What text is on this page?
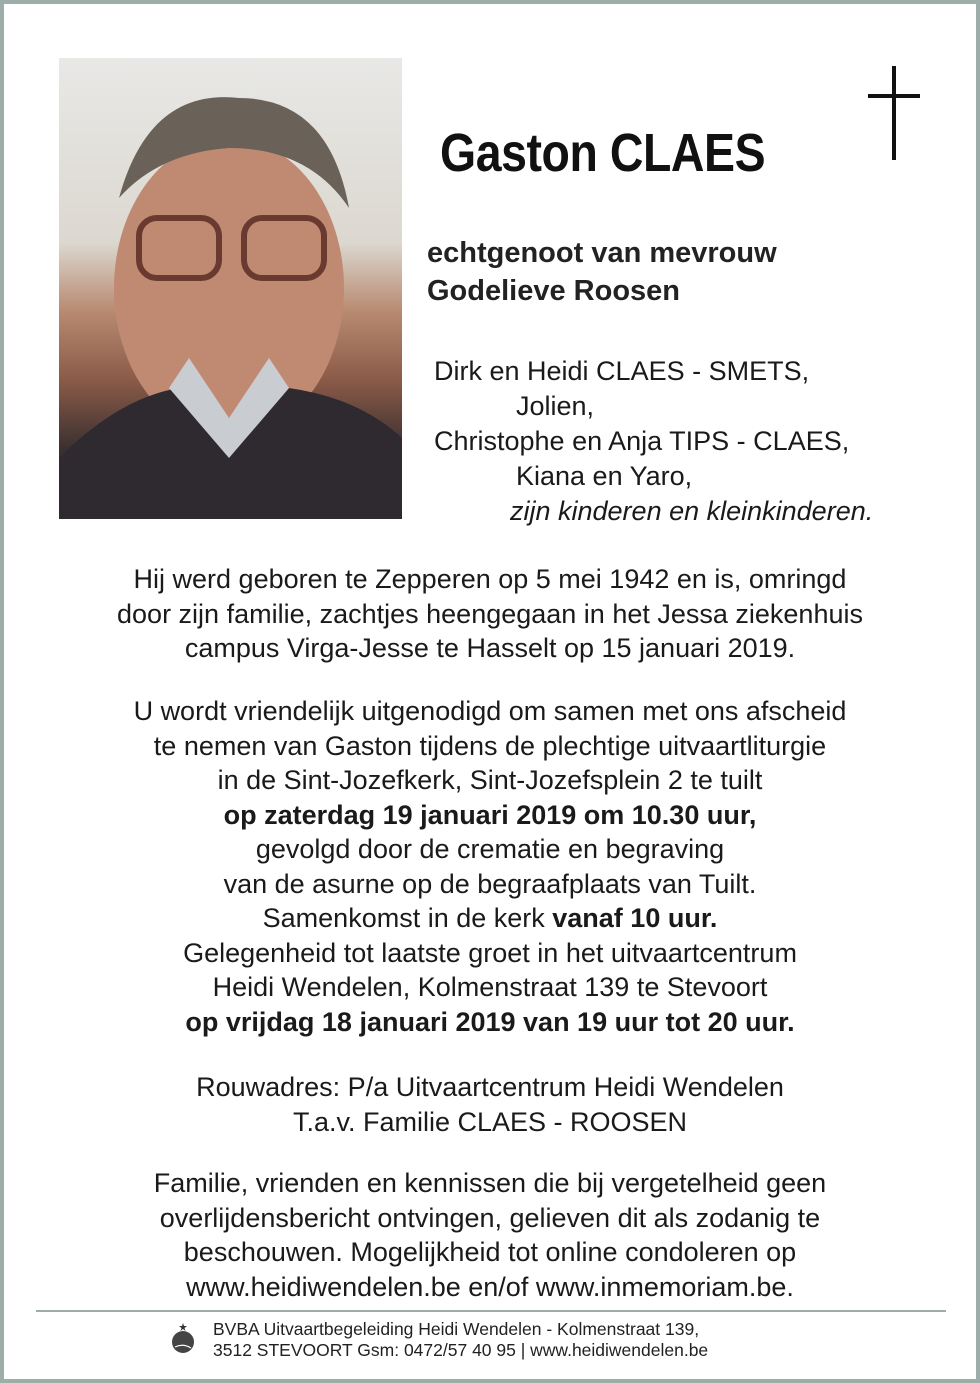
Gaston CLAES
echtgenoot van mevrouw
Godelieve Roosen
Dirk en Heidi CLAES - SMETS,
Jolien,
Christophe en Anja TIPS - CLAES,
Kiana en Yaro,
zijn kinderen en kleinkinderen.
Hij werd geboren te Zepperen op 5 mei 1942 en is, omringd
door zijn familie, zachtjes heengegaan in het Jessa ziekenhuis
campus Virga-Jesse te Hasselt op 15 januari 2019.
U wordt vriendelijk uitgenodigd om samen met ons afscheid
te nemen van Gaston tijdens de plechtige uitvaartliturgie
in de Sint-Jozefkerk, Sint-Jozefsplein 2 te tuilt
op zaterdag 19 januari 2019 om 10.30 uur,
gevolgd door de crematie en begraving
van de asurne op de begraafplaats van Tuilt.
Samenkomst in de kerk vanaf 10 uur.
Gelegenheid tot laatste groet in het uitvaartcentrum
Heidi Wendelen, Kolmenstraat 139 te Stevoort
op vrijdag 18 januari 2019 van 19 uur tot 20 uur.
Rouwadres: P/a Uitvaartcentrum Heidi Wendelen
T.a.v. Familie CLAES - ROOSEN
Familie, vrienden en kennissen die bij vergetelheid geen
overlijdensbericht ontvingen, gelieven dit als zodanig te
beschouwen. Mogelijkheid tot online condoleren op
www.heidiwendelen.be en/of www.inmemoriam.be.
BVBA Uitvaartbegeleiding Heidi Wendelen - Kolmenstraat 139,
3512 STEVOORT Gsm: 0472/57 40 95 | www.heidiwendelen.be
